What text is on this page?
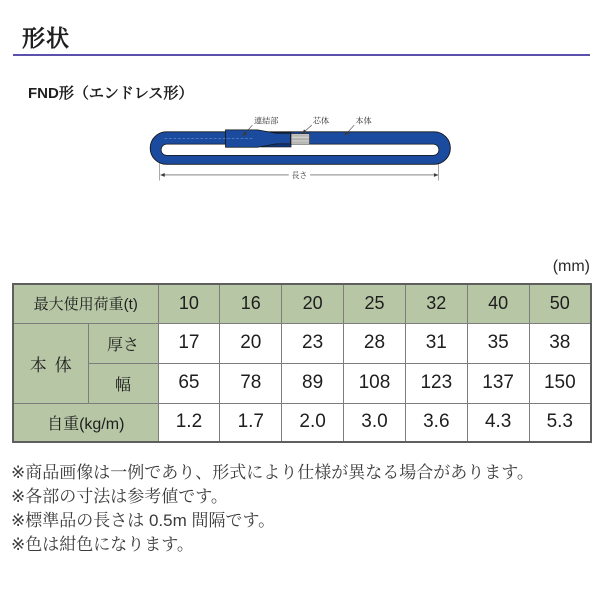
形状
FND形（エンドレス形）
連結部 芯体 本体
長さ
(mm)
最大使用荷重(t)		10	16	20	25	32	40	50
本体	厚さ	17	20	23	28	31	35	38
	幅	65	78	89	108	123	137	150
自重(kg/m)		1.2	1.7	2.0	3.0	3.6	4.3	5.3
※商品画像は一例であり、形式により仕様が異なる場合があります。
※各部の寸法は参考値です。
※標準品の長さは 0.5m 間隔です。
※色は紺色になります。
